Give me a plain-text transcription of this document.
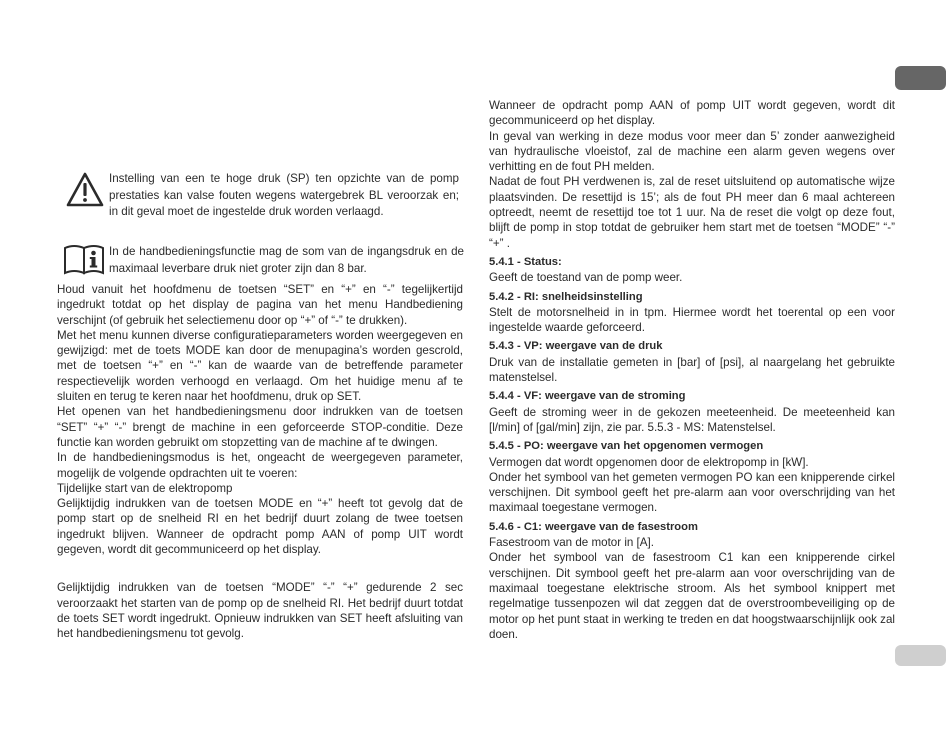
Instelling van een te hoge druk (SP) ten opzichte van de pomp prestaties kan valse fouten wegens watergebrek BL veroorzak en; in dit geval moet de ingestelde druk worden verlaagd.
In de handbedieningsfunctie mag de som van de ingangsdruk en de maximaal leverbare druk niet groter zijn dan 8 bar.

Houd vanuit het hoofdmenu de toetsen “SET” en “+” en “-” tegelijkertijd ingedrukt totdat op het display de pagina van het menu Handbediening verschijnt (of gebruik het selectiemenu door op “+” of “-” te drukken).

Met het menu kunnen diverse configuratieparameters worden weergegeven en gewijzigd: met de toets MODE kan door de menupagina’s worden gescrold, met de toetsen “+” en “-” kan de waarde van de betreffende parameter respectievelijk worden verhoogd en verlaagd. Om het huidige menu af te sluiten en terug te keren naar het hoofdmenu, druk op SET.

Het openen van het handbedieningsmenu door indrukken van de toetsen “SET” “+” “-” brengt de machine in een geforceerde STOP-conditie. Deze functie kan worden gebruikt om stopzetting van de machine af te dwingen.

In de handbedieningsmodus is het, ongeacht de weergegeven parameter, mogelijk de volgende opdrachten uit te voeren:

Tijdelijke start van de elektropomp

Gelijktijdig indrukken van de toetsen MODE en “+” heeft tot gevolg dat de pomp start op de snelheid RI en het bedrijf duurt zolang de twee toetsen ingedrukt blijven. Wanneer de opdracht pomp AAN of pomp UIT wordt gegeven, wordt dit gecommuniceerd op het display.

Gelijktijdig indrukken van de toetsen “MODE” “-” “+” gedurende 2 sec veroorzaakt het starten van de pomp op de snelheid RI. Het bedrijf duurt totdat de toets SET wordt ingedrukt. Opnieuw indrukken van SET heeft afsluiting van het handbedieningsmenu tot gevolg.

Wanneer de opdracht pomp AAN of pomp UIT wordt gegeven, wordt dit gecommuniceerd op het display.

In geval van werking in deze modus voor meer dan 5’ zonder aanwezigheid van hydraulische vloeistof, zal de machine een alarm geven wegens over verhitting en de fout PH melden.

Nadat de fout PH verdwenen is, zal de reset uitsluitend op automatische wijze plaatsvinden. De resettijd is 15’; als de fout PH meer dan 6 maal achtereen optreedt, neemt de resettijd toe tot 1 uur. Na de reset die volgt op deze fout, blijft de pomp in stop totdat de gebruiker hem start met de toetsen “MODE” “-” “+” .

5.4.1 - Status:

Geeft de toestand van de pomp weer.

5.4.2 - RI: snelheidsinstelling

Stelt de motorsnelheid in in tpm. Hiermee wordt het toerental op een voor ingestelde waarde geforceerd.

5.4.3 - VP: weergave van de druk

Druk van de installatie gemeten in [bar] of [psi], al naargelang het gebruikte matenstelsel.

5.4.4 - VF: weergave van de stroming

Geeft de stroming weer in de gekozen meeteenheid. De meeteenheid kan [l/min] of [gal/min] zijn, zie par. 5.5.3 - MS: Matenstelsel.

5.4.5 - PO: weergave van het opgenomen vermogen

Vermogen dat wordt opgenomen door de elektropomp in [kW].

Onder het symbool van het gemeten vermogen PO kan een knipperende cirkel verschijnen. Dit symbool geeft het pre-alarm aan voor overschrijding van het maximaal toegestane vermogen.

5.4.6 - C1: weergave van de fasestroom

Fasestroom van de motor in [A].

Onder het symbool van de fasestroom C1 kan een knipperende cirkel verschijnen. Dit symbool geeft het pre-alarm aan voor overschrijding van de maximaal toegestane elektrische stroom. Als het symbool knippert met regelmatige tussenpozen wil dat zeggen dat de overstroombeveiliging op de motor op het punt staat in werking te treden en dat hoogstwaarschijnlijk ook zal doen.
